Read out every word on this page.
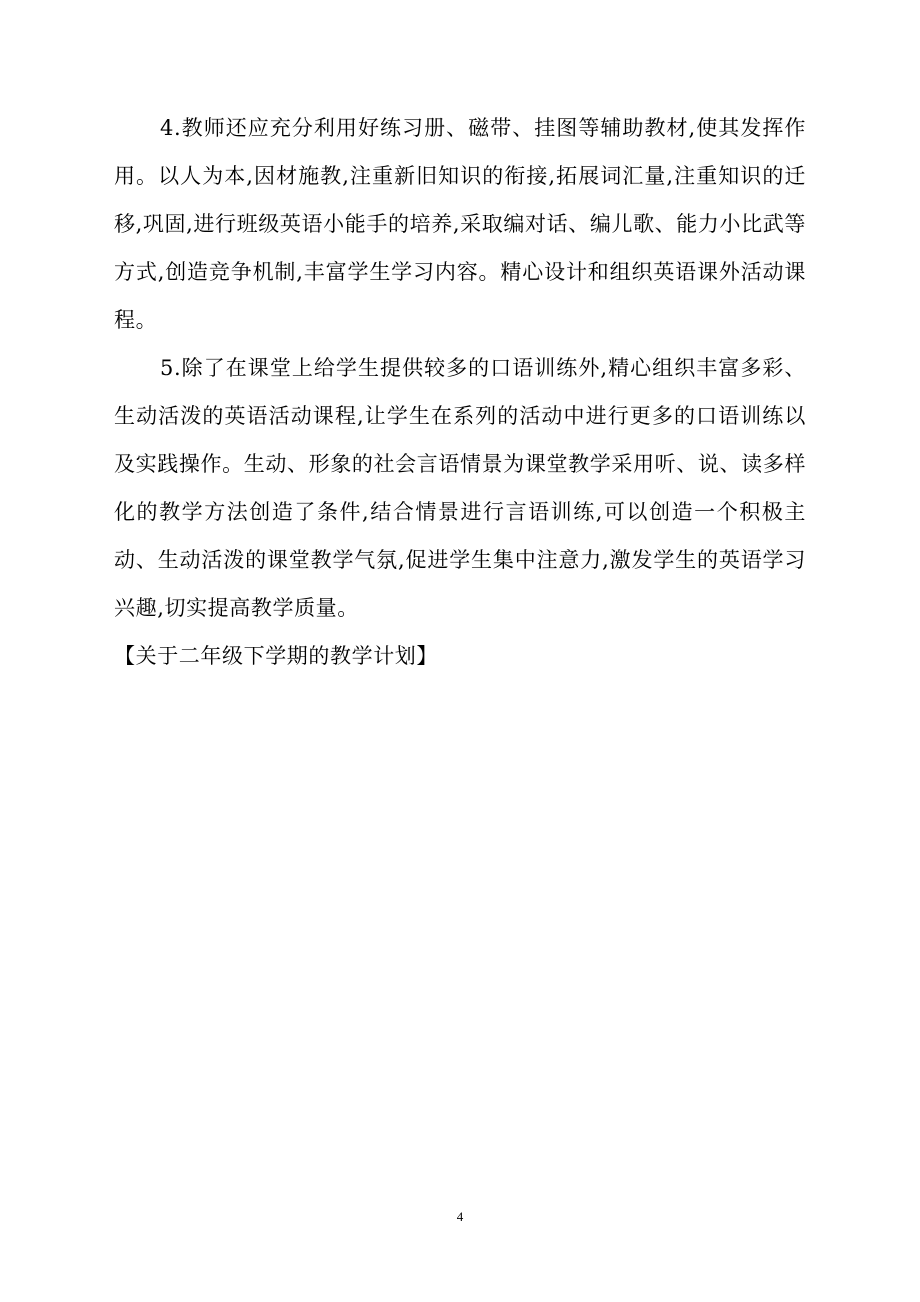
4.教师还应充分利用好练习册、磁带、挂图等辅助教材,使其发挥作用。以人为本,因材施教,注重新旧知识的衔接,拓展词汇量,注重知识的迁移,巩固,进行班级英语小能手的培养,采取编对话、编儿歌、能力小比武等方式,创造竞争机制,丰富学生学习内容。精心设计和组织英语课外活动课程。

5.除了在课堂上给学生提供较多的口语训练外,精心组织丰富多彩、生动活泼的英语活动课程,让学生在系列的活动中进行更多的口语训练以及实践操作。生动、形象的社会言语情景为课堂教学采用听、说、读多样化的教学方法创造了条件,结合情景进行言语训练,可以创造一个积极主动、生动活泼的课堂教学气氛,促进学生集中注意力,激发学生的英语学习兴趣,切实提高教学质量。

【关于二年级下学期的教学计划】

4
